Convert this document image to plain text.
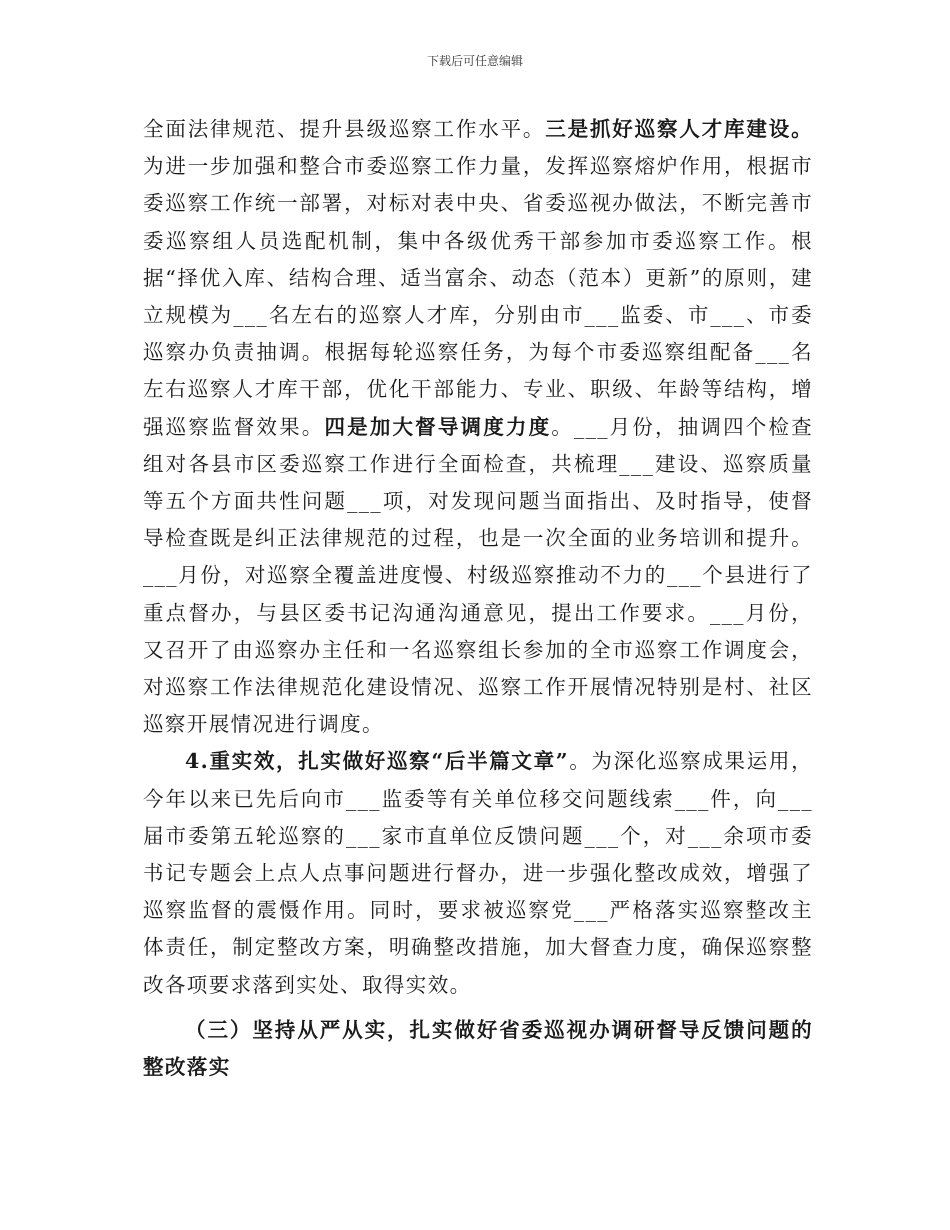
下载后可任意编辑

全面法律规范、提升县级巡察工作水平。三是抓好巡察人才库建设。为进一步加强和整合市委巡察工作力量，发挥巡察熔炉作用，根据市委巡察工作统一部署，对标对表中央、省委巡视办做法，不断完善市委巡察组人员选配机制，集中各级优秀干部参加市委巡察工作。根据“择优入库、结构合理、适当富余、动态（范本）更新”的原则，建立规模为___名左右的巡察人才库，分别由市___监委、市___、市委巡察办负责抽调。根据每轮巡察任务，为每个市委巡察组配备___名左右巡察人才库干部，优化干部能力、专业、职级、年龄等结构，增强巡察监督效果。四是加大督导调度力度。___月份，抽调四个检查组对各县市区委巡察工作进行全面检查，共梳理___建设、巡察质量等五个方面共性问题___项，对发现问题当面指出、及时指导，使督导检查既是纠正法律规范的过程，也是一次全面的业务培训和提升。___月份，对巡察全覆盖进度慢、村级巡察推动不力的___个县进行了重点督办，与县区委书记沟通沟通意见，提出工作要求。___月份，又召开了由巡察办主任和一名巡察组长参加的全市巡察工作调度会，对巡察工作法律规范化建设情况、巡察工作开展情况特别是村、社区巡察开展情况进行调度。

4.重实效，扎实做好巡察“后半篇文章”。为深化巡察成果运用，今年以来已先后向市___监委等有关单位移交问题线索___件，向___届市委第五轮巡察的___家市直单位反馈问题___个，对___余项市委书记专题会上点人点事问题进行督办，进一步强化整改成效，增强了巡察监督的震慑作用。同时，要求被巡察党___严格落实巡察整改主体责任，制定整改方案，明确整改措施，加大督查力度，确保巡察整改各项要求落到实处、取得实效。

（三）坚持从严从实，扎实做好省委巡视办调研督导反馈问题的整改落实
